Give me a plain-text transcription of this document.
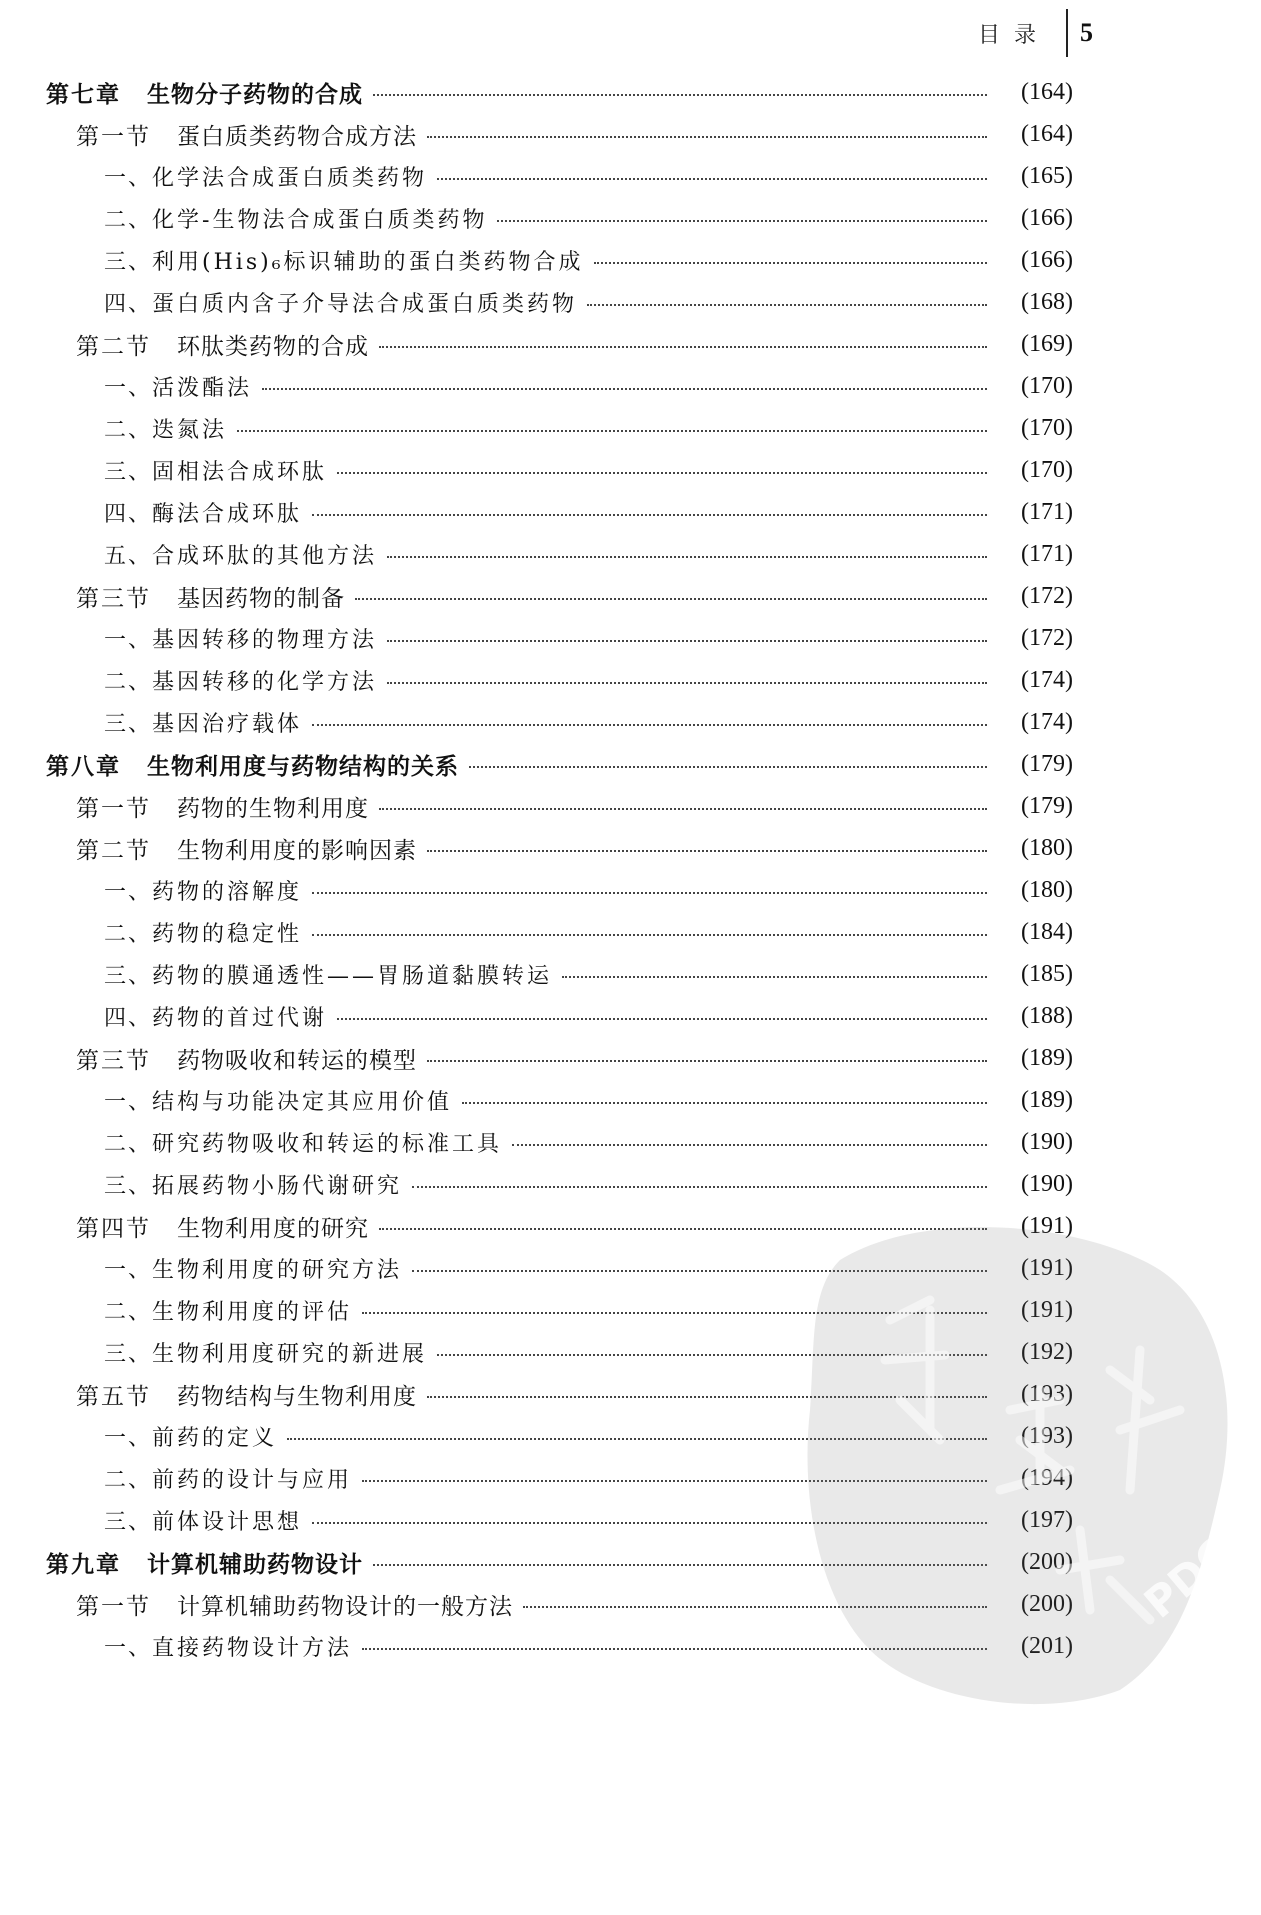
目录	5
第七章 生物分子药物的合成	(164)
第一节 蛋白质类药物合成方法	(164)
一、化学法合成蛋白质类药物	(165)
二、化学-生物法合成蛋白质类药物	(166)
三、利用(His)₆标识辅助的蛋白类药物合成	(166)
四、蛋白质内含子介导法合成蛋白质类药物	(168)
第二节 环肽类药物的合成	(169)
一、活泼酯法	(170)
二、迭氮法	(170)
三、固相法合成环肽	(170)
四、酶法合成环肽	(171)
五、合成环肽的其他方法	(171)
第三节 基因药物的制备	(172)
一、基因转移的物理方法	(172)
二、基因转移的化学方法	(174)
三、基因治疗载体	(174)
第八章 生物利用度与药物结构的关系	(179)
第一节 药物的生物利用度	(179)
第二节 生物利用度的影响因素	(180)
一、药物的溶解度	(180)
二、药物的稳定性	(184)
三、药物的膜通透性——胃肠道黏膜转运	(185)
四、药物的首过代谢	(188)
第三节 药物吸收和转运的模型	(189)
一、结构与功能决定其应用价值	(189)
二、研究药物吸收和转运的标准工具	(190)
三、拓展药物小肠代谢研究	(190)
第四节 生物利用度的研究	(191)
一、生物利用度的研究方法	(191)
二、生物利用度的评估	(191)
三、生物利用度研究的新进展	(192)
第五节 药物结构与生物利用度	(193)
一、前药的定义	(193)
二、前药的设计与应用	(194)
三、前体设计思想	(197)
第九章 计算机辅助药物设计	(200)
第一节 计算机辅助药物设计的一般方法	(200)
一、直接药物设计方法	(201)
PDG
